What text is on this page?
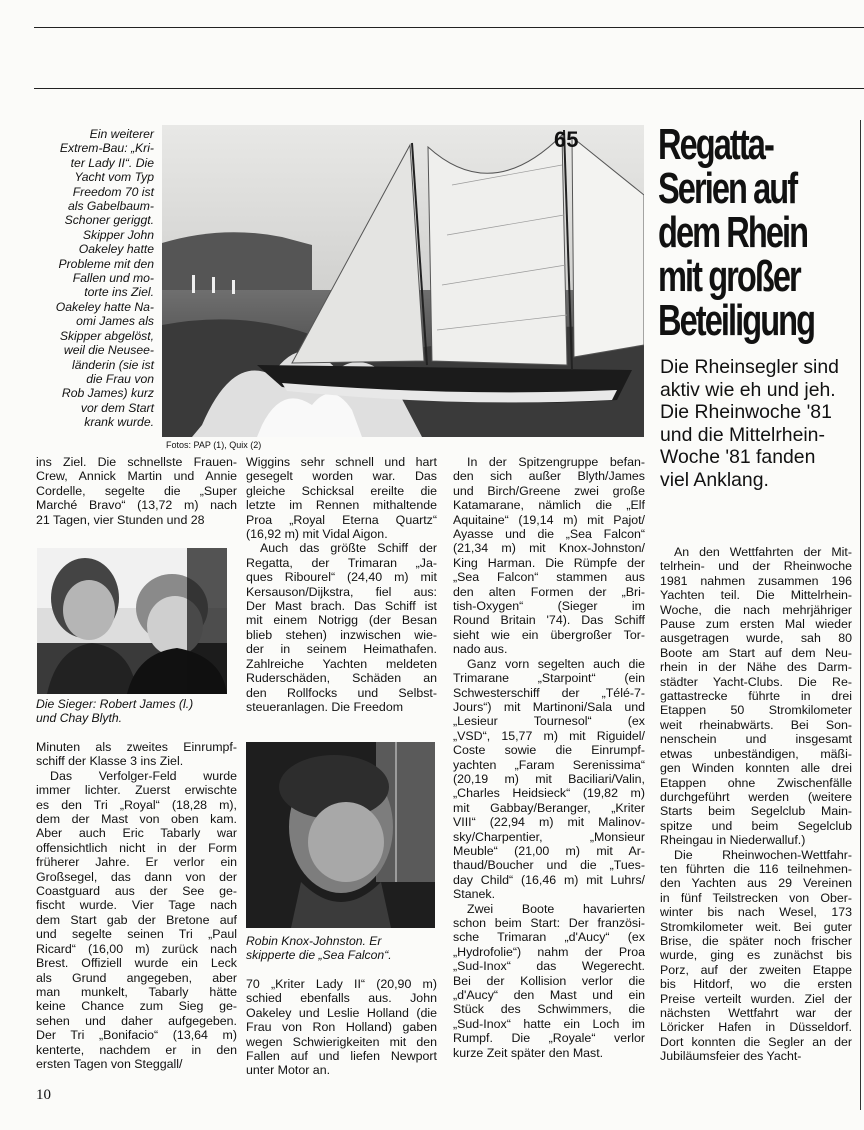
Ein weiterer
Extrem-Bau: „Kri-
ter Lady II“. Die
Yacht vom Typ
Freedom 70 ist
als Gabelbaum-
Schoner geriggt.
Skipper John
Oakeley hatte
Probleme mit den
Fallen und mo-
torte ins Ziel.
Oakeley hatte Na-
omi James als
Skipper abgelöst,
weil die Neusee-
länderin (sie ist
die Frau von
Rob James) kurz
vor dem Start
krank wurde.
65
Fotos: PAP (1), Quix (2)
Regatta-
Serien auf
dem Rhein
mit großer
Beteiligung
Die Rheinsegler sind
aktiv wie eh und jeh.
Die Rheinwoche '81
und die Mittelrhein-
Woche '81 fanden
viel Anklang.
ins Ziel. Die schnellste Frauen-
Crew, Annick Martin und Annie
Cordelle, segelte die „Super
Marché Bravo“ (13,72 m) nach
21 Tagen, vier Stunden und 28
Die Sieger: Robert James (l.)
und Chay Blyth.
Minuten als zweites Einrumpf-
schiff der Klasse 3 ins Ziel.
Das Verfolger-Feld wurde
immer lichter. Zuerst erwischte
es den Tri „Royal“ (18,28 m),
dem der Mast von oben kam.
Aber auch Eric Tabarly war
offensichtlich nicht in der Form
früherer Jahre. Er verlor ein
Großsegel, das dann von der
Coastguard aus der See ge-
fischt wurde. Vier Tage nach
dem Start gab der Bretone auf
und segelte seinen Tri „Paul
Ricard“ (16,00 m) zurück nach
Brest. Offiziell wurde ein Leck
als Grund angegeben, aber
man munkelt, Tabarly hätte
keine Chance zum Sieg ge-
sehen und daher aufgegeben.
Der Tri „Bonifacio“ (13,64 m)
kenterte, nachdem er in den
ersten Tagen von Steggall/
Wiggins sehr schnell und hart
gesegelt worden war. Das
gleiche Schicksal ereilte die
letzte im Rennen mithaltende
Proa „Royal Eterna Quartz“
(16,92 m) mit Vidal Aigon.
Auch das größte Schiff der
Regatta, der Trimaran „Ja-
ques Ribourel“ (24,40 m) mit
Kersauson/Dijkstra, fiel aus:
Der Mast brach. Das Schiff ist
mit einem Notrigg (der Besan
blieb stehen) inzwischen wie-
der in seinem Heimathafen.
Zahlreiche Yachten meldeten
Ruderschäden, Schäden an
den Rollfocks und Selbst-
steueranlagen. Die Freedom
Robin Knox-Johnston. Er
skipperte die „Sea Falcon“.
70 „Kriter Lady II“ (20,90 m)
schied ebenfalls aus. John
Oakeley und Leslie Holland (die
Frau von Ron Holland) gaben
wegen Schwierigkeiten mit den
Fallen auf und liefen Newport
unter Motor an.
In der Spitzengruppe befan-
den sich außer Blyth/James
und Birch/Greene zwei große
Katamarane, nämlich die „Elf
Aquitaine“ (19,14 m) mit Pajot/
Ayasse und die „Sea Falcon“
(21,34 m) mit Knox-Johnston/
King Harman. Die Rümpfe der
„Sea Falcon“ stammen aus
den alten Formen der „Bri-
tish-Oxygen“ (Sieger im
Round Britain '74). Das Schiff
sieht wie ein übergroßer Tor-
nado aus.
Ganz vorn segelten auch die
Trimarane „Starpoint“ (ein
Schwesterschiff der „Télé-7-
Jours“) mit Martinoni/Sala und
„Lesieur Tournesol“ (ex
„VSD“, 15,77 m) mit Riguidel/
Coste sowie die Einrumpf-
yachten „Faram Serenissima“
(20,19 m) mit Baciliari/Valin,
„Charles Heidsieck“ (19,82 m)
mit Gabbay/Beranger, „Kriter
VIII“ (22,94 m) mit Malinov-
sky/Charpentier, „Monsieur
Meuble“ (21,00 m) mit Ar-
thaud/Boucher und die „Tues-
day Child“ (16,46 m) mit Luhrs/
Stanek.
Zwei Boote havarierten
schon beim Start: Der französi-
sche Trimaran „d'Aucy“ (ex
„Hydrofolie“) nahm der Proa
„Sud-Inox“ das Wegerecht.
Bei der Kollision verlor die
„d'Aucy“ den Mast und ein
Stück des Schwimmers, die
„Sud-Inox“ hatte ein Loch im
Rumpf. Die „Royale“ verlor
kurze Zeit später den Mast.
An den Wettfahrten der Mit-
telrhein- und der Rheinwoche
1981 nahmen zusammen 196
Yachten teil. Die Mittelrhein-
Woche, die nach mehrjähriger
Pause zum ersten Mal wieder
ausgetragen wurde, sah 80
Boote am Start auf dem Neu-
rhein in der Nähe des Darm-
städter Yacht-Clubs. Die Re-
gattastrecke führte in drei
Etappen 50 Stromkilometer
weit rheinabwärts. Bei Son-
nenschein und insgesamt
etwas unbeständigen, mäßi-
gen Winden konnten alle drei
Etappen ohne Zwischenfälle
durchgeführt werden (weitere
Starts beim Segelclub Main-
spitze und beim Segelclub
Rheingau in Niederwalluf.)
Die Rheinwochen-Wettfahr-
ten führten die 116 teilnehmen-
den Yachten aus 29 Vereinen
in fünf Teilstrecken von Ober-
winter bis nach Wesel, 173
Stromkilometer weit. Bei guter
Brise, die später noch frischer
wurde, ging es zunächst bis
Porz, auf der zweiten Etappe
bis Hitdorf, wo die ersten
Preise verteilt wurden. Ziel der
nächsten Wettfahrt war der
Löricker Hafen in Düsseldorf.
Dort konnten die Segler an der
Jubiläumsfeier des Yacht-
10
